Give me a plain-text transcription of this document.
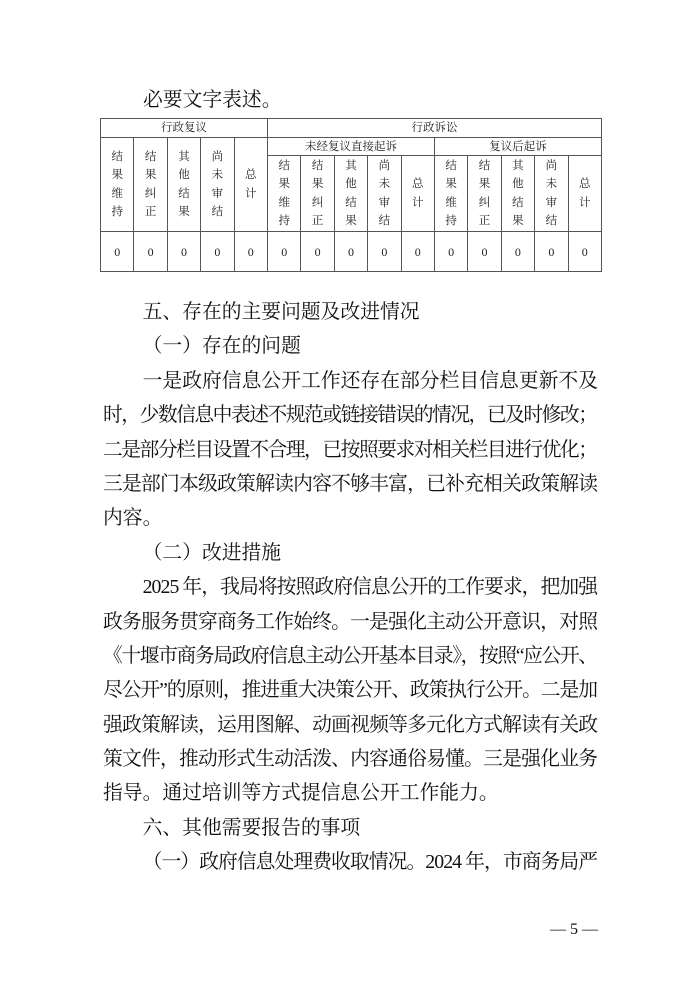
必要文字表述。
行政复议					行政诉讼									
结果维持	结果纠正	其他结果	尚未审结	总计	未经复议直接起诉					复议后起诉				
					结果维持	结果纠正	其他结果	尚未审结	总计	结果维持	结果纠正	其他结果	尚未审结	总计
0	0	0	0	0	0	0	0	0	0	0	0	0	0	0
五、存在的主要问题及改进情况
（一）存在的问题
一是政府信息公开工作还存在部分栏目信息更新不及
时，少数信息中表述不规范或链接错误的情况，已及时修改；
二是部分栏目设置不合理，已按照要求对相关栏目进行优化；
三是部门本级政策解读内容不够丰富，已补充相关政策解读
内容。
（二）改进措施
2025 年，我局将按照政府信息公开的工作要求，把加强
政务服务贯穿商务工作始终。一是强化主动公开意识，对照
《十堰市商务局政府信息主动公开基本目录》，按照“应公开、
尽公开”的原则，推进重大决策公开、政策执行公开。二是加
强政策解读，运用图解、动画视频等多元化方式解读有关政
策文件，推动形式生动活泼、内容通俗易懂。三是强化业务
指导。通过培训等方式提信息公开工作能力。
六、其他需要报告的事项
（一）政府信息处理费收取情况。2024 年，市商务局严
— 5 —
